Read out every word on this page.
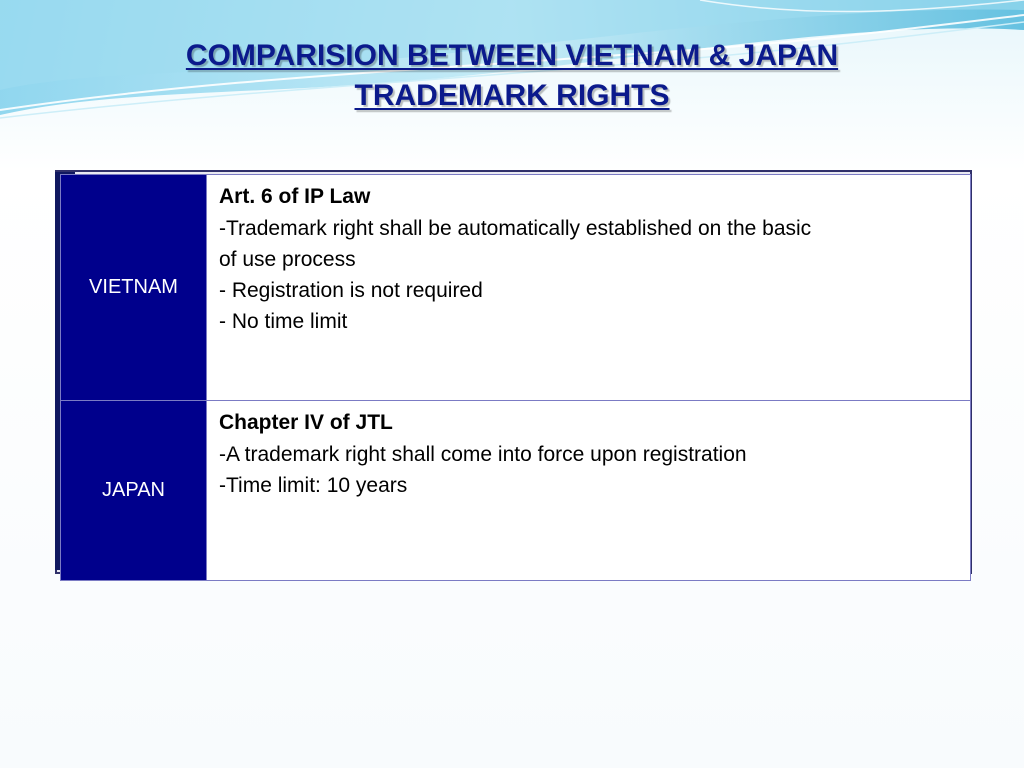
COMPARISION BETWEEN VIETNAM & JAPAN
TRADEMARK RIGHTS
VIETNAM
Art. 6 of IP Law
-Trademark right shall be automatically established on the basic
of use process
- Registration is not required
- No time limit
JAPAN
Chapter IV of JTL
-A trademark right shall come into force upon registration
-Time limit: 10 years
